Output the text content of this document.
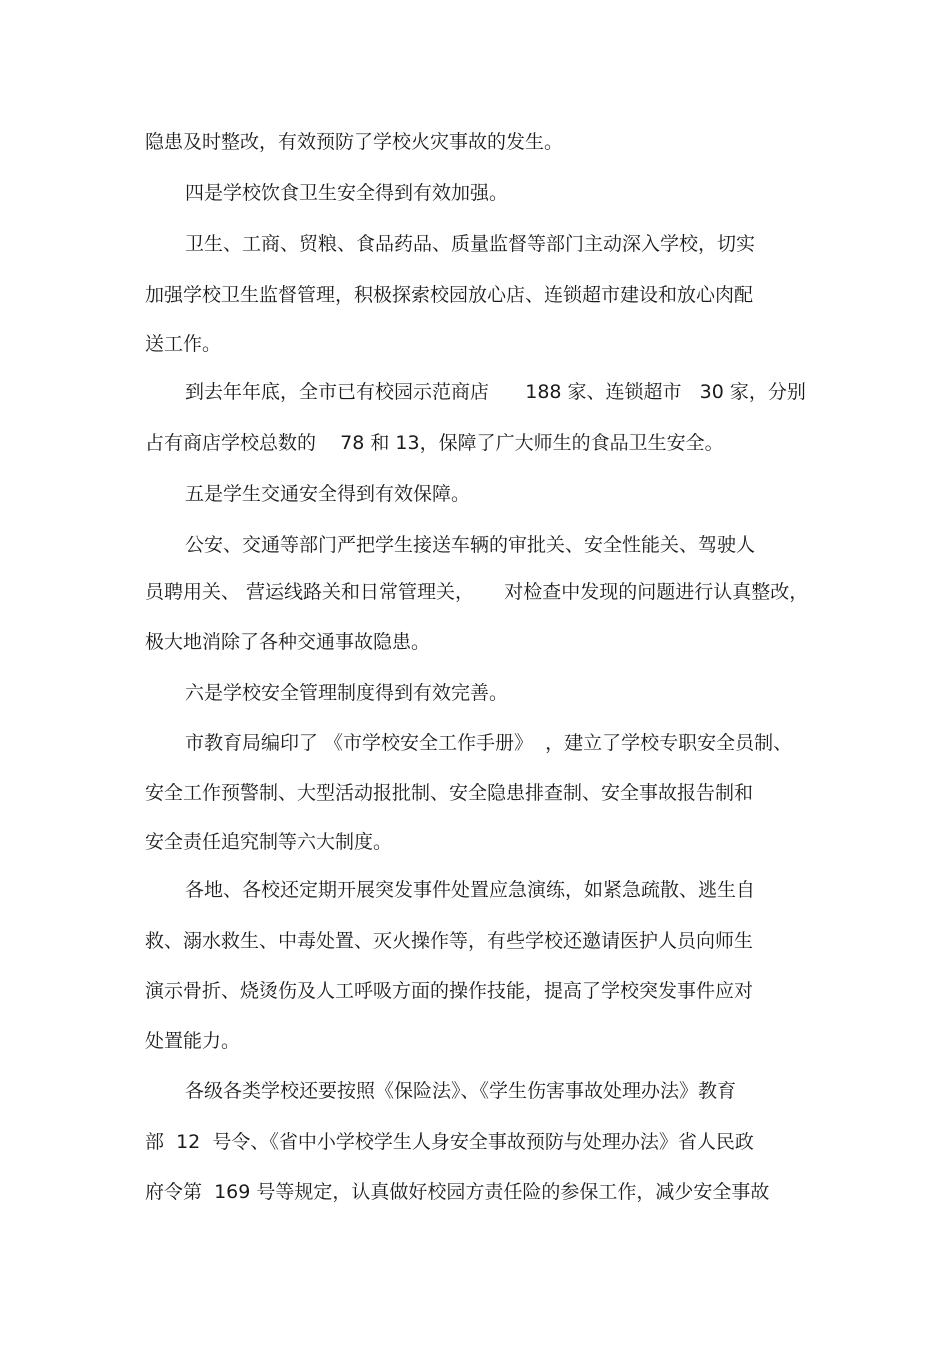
隐患及时整改，有效预防了学校火灾事故的发生。
四是学校饮食卫生安全得到有效加强。
卫生、工商、贸粮、食品药品、质量监督等部门主动深入学校，切实
加强学校卫生监督管理，积极探索校园放心店、连锁超市建设和放心肉配
送工作。
到去年年底，全市已有校园示范商店      188 家、连锁超市   30 家，分别
占有商店学校总数的    78 和 13，保障了广大师生的食品卫生安全。
五是学生交通安全得到有效保障。
公安、交通等部门严把学生接送车辆的审批关、安全性能关、驾驶人
员聘用关、 营运线路关和日常管理关，     对检查中发现的问题进行认真整改，
极大地消除了各种交通事故隐患。
六是学校安全管理制度得到有效完善。
市教育局编印了 《市学校安全工作手册》  ，建立了学校专职安全员制、
安全工作预警制、大型活动报批制、安全隐患排查制、安全事故报告制和
安全责任追究制等六大制度。
各地、各校还定期开展突发事件处置应急演练，如紧急疏散、逃生自
救、溺水救生、中毒处置、灭火操作等，有些学校还邀请医护人员向师生
演示骨折、烧烫伤及人工呼吸方面的操作技能，提高了学校突发事件应对
处置能力。
各级各类学校还要按照《保险法》、《学生伤害事故处理办法》教育
部  12  号令、《省中小学校学生人身安全事故预防与处理办法》省人民政
府令第  169 号等规定，认真做好校园方责任险的参保工作，减少安全事故
